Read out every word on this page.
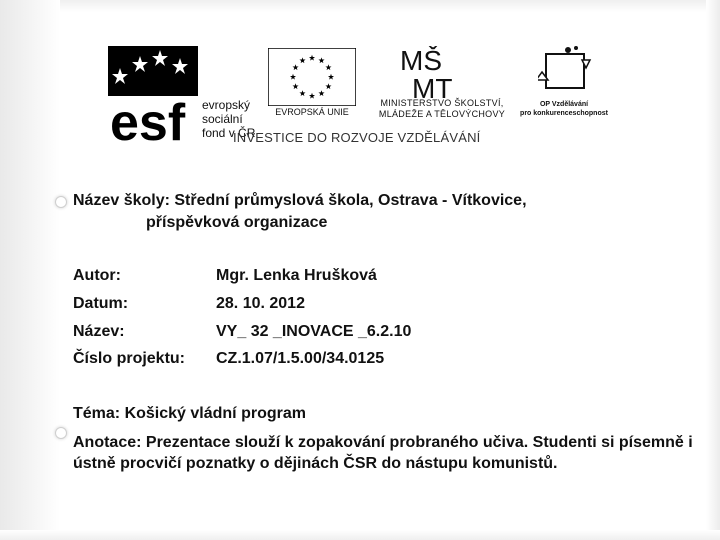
esf evropský
sociální
fond v ČR
EVROPSKÁ UNIE
MŠ
MT
MINISTERSTVO ŠKOLSTVÍ,
MLÁDEŽE A TĚLOVÝCHOVY
OP Vzdělávání
pro konkurenceschopnost
INVESTICE DO ROZVOJE VZDĚLÁVÁNÍ
Název školy: Střední průmyslová škola, Ostrava - Vítkovice,
příspěvková organizace
Autor:	Mgr. Lenka Hrušková
Datum:	28. 10. 2012
Název:	VY_ 32 _INOVACE _6.2.10
Číslo projektu: CZ.1.07/1.5.00/34.0125
Téma: Košický vládní program
Anotace: Prezentace slouží k zopakování probraného učiva. Studenti si písemně i ústně procvičí poznatky o dějinách ČSR do nástupu komunistů.
